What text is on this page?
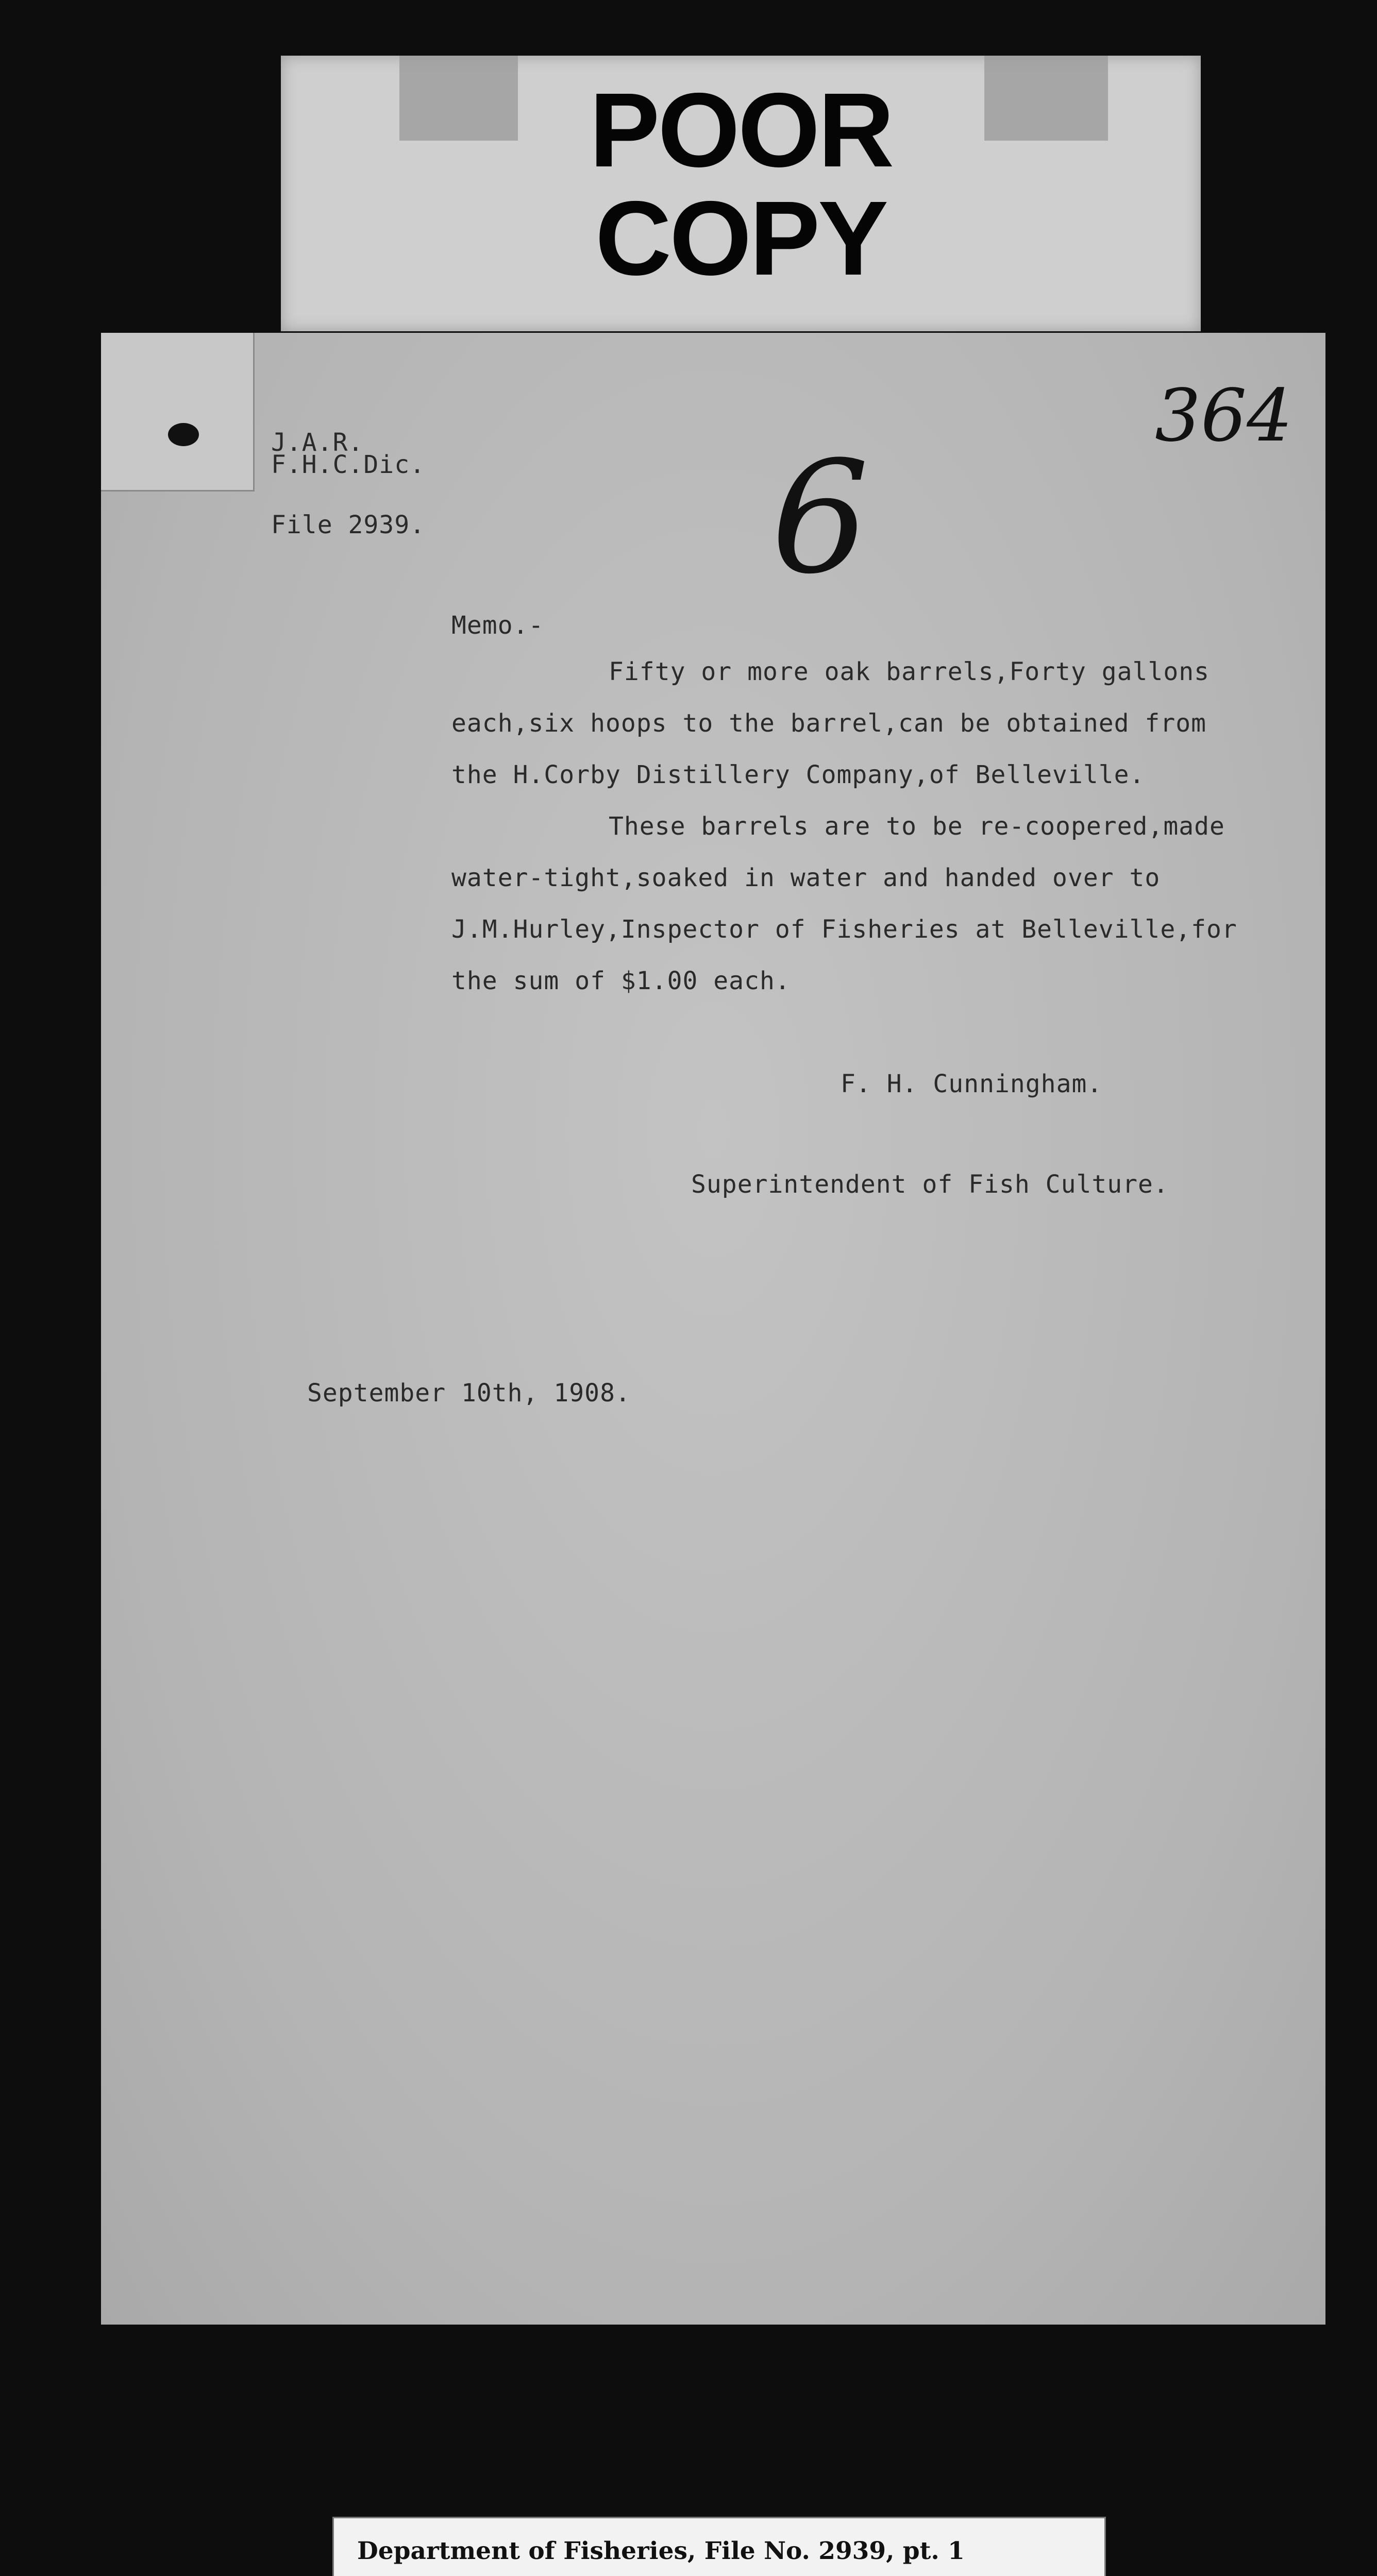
POOR
COPY
J.A.R.
F.H.C.Dic.
File 2939.
364
6
Memo.-
Fifty or more oak barrels,Forty gallons
each,six hoops to the barrel,can be obtained from
the H.Corby Distillery Company,of Belleville.
These barrels are to be re-coopered,made
water-tight,soaked in water and handed over to
J.M.Hurley,Inspector of Fisheries at Belleville,for
the sum of $1.00 each.
F. H. Cunningham.
Superintendent of Fish Culture.
September 10th, 1908.
Department of Fisheries, File No. 2939, pt. 1
